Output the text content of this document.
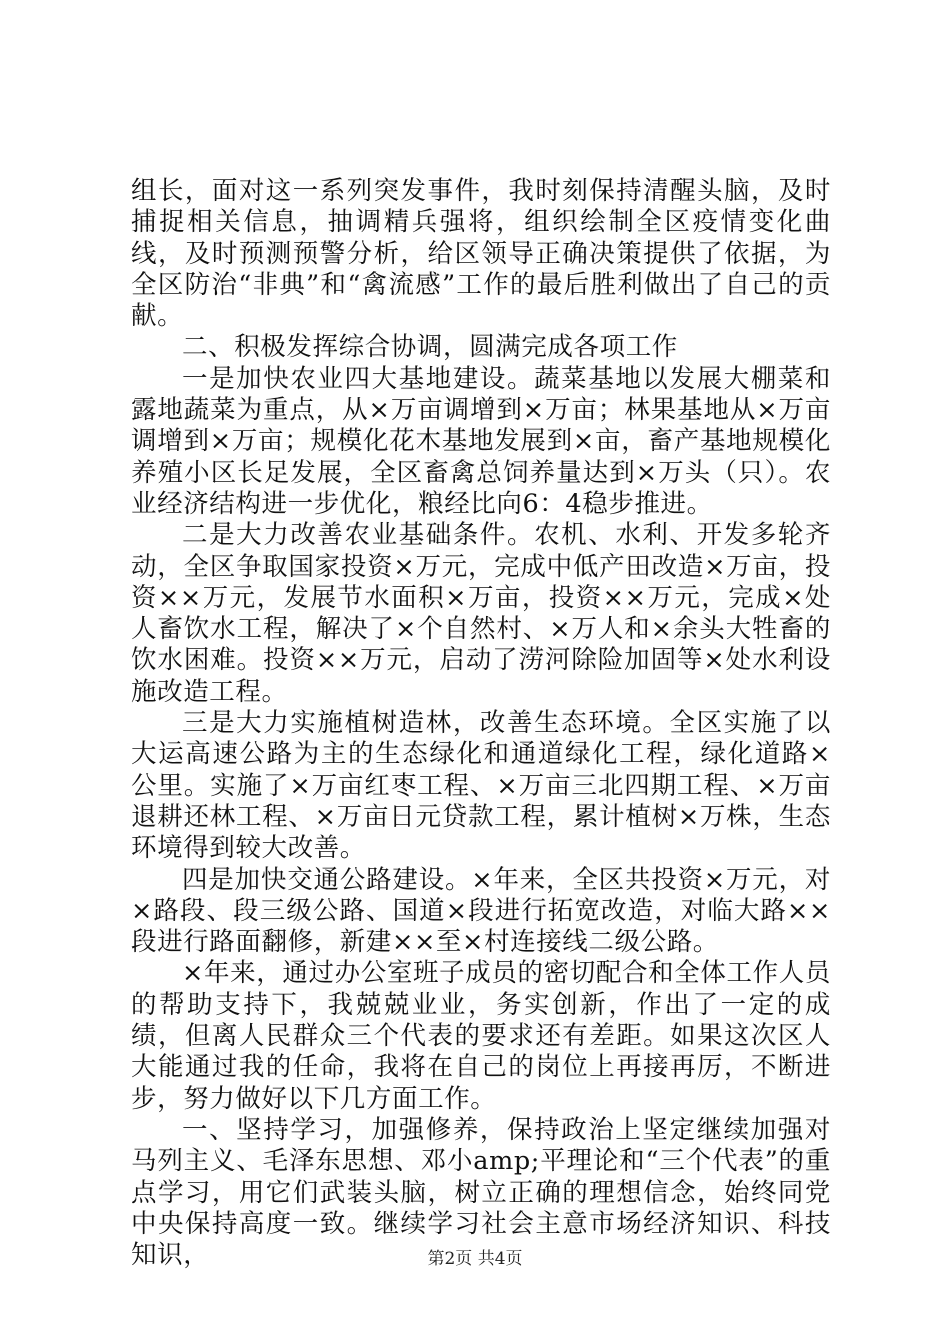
组长，面对这一系列突发事件，我时刻保持清醒头脑，及时捕捉相关信息，抽调精兵强将，组织绘制全区疫情变化曲线，及时预测预警分析，给区领导正确决策提供了依据，为全区防治“非典”和“禽流感”工作的最后胜利做出了自己的贡献。

二、积极发挥综合协调，圆满完成各项工作

一是加快农业四大基地建设。蔬菜基地以发展大棚菜和露地蔬菜为重点，从×万亩调增到×万亩；林果基地从×万亩调增到×万亩；规模化花木基地发展到×亩，畜产基地规模化养殖小区长足发展，全区畜禽总饲养量达到×万头（只）。农业经济结构进一步优化，粮经比向6：4稳步推进。

二是大力改善农业基础条件。农机、水利、开发多轮齐动，全区争取国家投资×万元，完成中低产田改造×万亩，投资××万元，发展节水面积×万亩，投资××万元，完成×处人畜饮水工程，解决了×个自然村、×万人和×余头大牲畜的饮水困难。投资××万元，启动了涝河除险加固等×处水利设施改造工程。

三是大力实施植树造林，改善生态环境。全区实施了以大运高速公路为主的生态绿化和通道绿化工程，绿化道路×公里。实施了×万亩红枣工程、×万亩三北四期工程、×万亩退耕还林工程、×万亩日元贷款工程，累计植树×万株，生态环境得到较大改善。

四是加快交通公路建设。×年来，全区共投资×万元，对×路段、段三级公路、国道×段进行拓宽改造，对临大路××段进行路面翻修，新建××至×村连接线二级公路。

×年来，通过办公室班子成员的密切配合和全体工作人员的帮助支持下，我兢兢业业，务实创新，作出了一定的成绩，但离人民群众三个代表的要求还有差距。如果这次区人大能通过我的任命，我将在自己的岗位上再接再厉，不断进步，努力做好以下几方面工作。

一、坚持学习，加强修养，保持政治上坚定继续加强对马列主义、毛泽东思想、邓小amp;平理论和“三个代表”的重点学习，用它们武装头脑，树立正确的理想信念，始终同党中央保持高度一致。继续学习社会主意市场经济知识、科技知识，	第2页 共4页
